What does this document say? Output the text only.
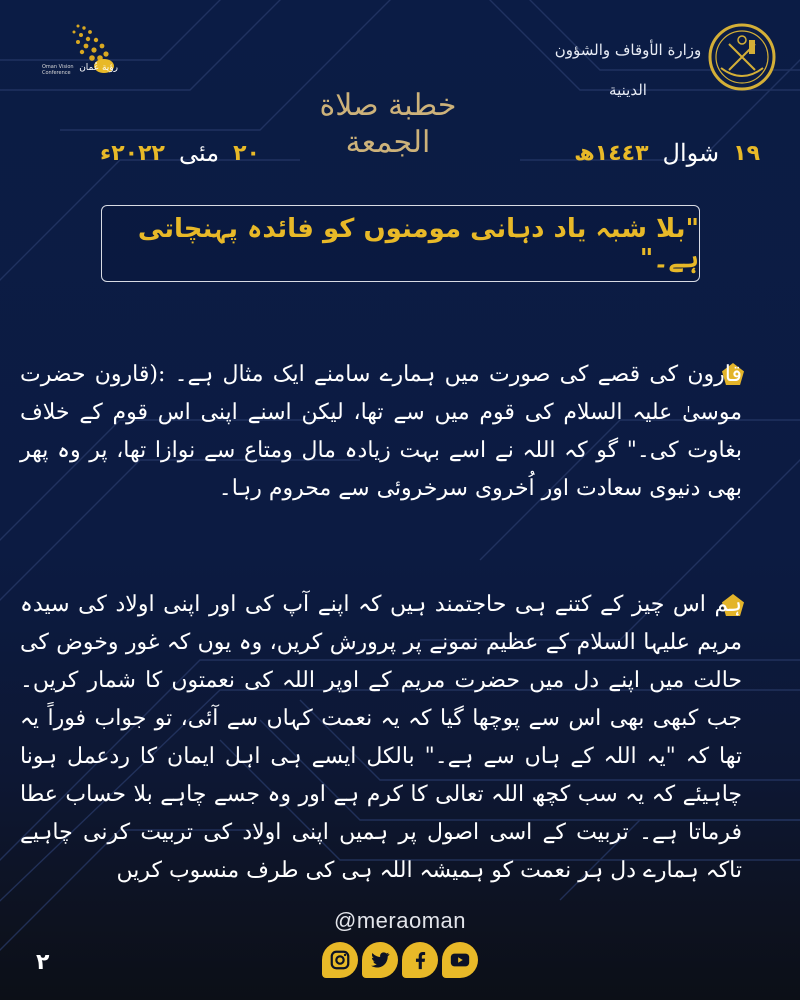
رؤية عُمان
Oman Vision
Conference
وزارة الأوقاف والشؤون الدينية
خطبة صلاة
الجمعة	١٩
شوال
١٤٤٣ھ
٢٠
مئی
٢٠٢٢ء
"بلا شبہ یاد دہانی مومنوں کو فائدہ پہنچاتی ہے۔"
قارون کی قصے کی صورت میں ہمارے سامنے ایک مثال ہے۔ :(قارون حضرت موسیٰ علیہ السلام کی قوم میں سے تھا، لیکن اسنے اپنی اس قوم کے خلاف بغاوت کی۔" گو کہ اللہ نے اسے بہت زیادہ مال ومتاع سے نوازا تھا، پر وہ پھر بھی دنیوی سعادت اور اُخروی سرخروئی سے محروم رہا۔
ہم اس چیز کے کتنے ہی حاجتمند ہیں کہ اپنے آپ کی اور اپنی اولاد کی سیدہ مریم علیہا السلام کے عظیم نمونے پر پرورش کریں، وہ یوں کہ غور وخوض کی حالت میں اپنے دل میں حضرت مریم کے اوپر اللہ کی نعمتوں کا شمار کریں۔ جب کبھی بھی اس سے پوچھا گیا کہ یہ نعمت کہاں سے آئی، تو جواب فوراً یہ تھا کہ "یہ اللہ کے ہاں سے ہے۔" بالکل ایسے ہی اہل ایمان کا ردعمل ہونا چاہیئے کہ یہ سب کچھ اللہ تعالی کا کرم ہے اور وہ جسے چاہے بلا حساب عطا فرماتا ہے۔ تربیت کے اسی اصول پر ہمیں اپنی اولاد کی تربیت کرنی چاہیے تاکہ ہمارے دل ہر نعمت کو ہمیشہ اللہ ہی کی طرف منسوب کریں
@meraoman
٢
